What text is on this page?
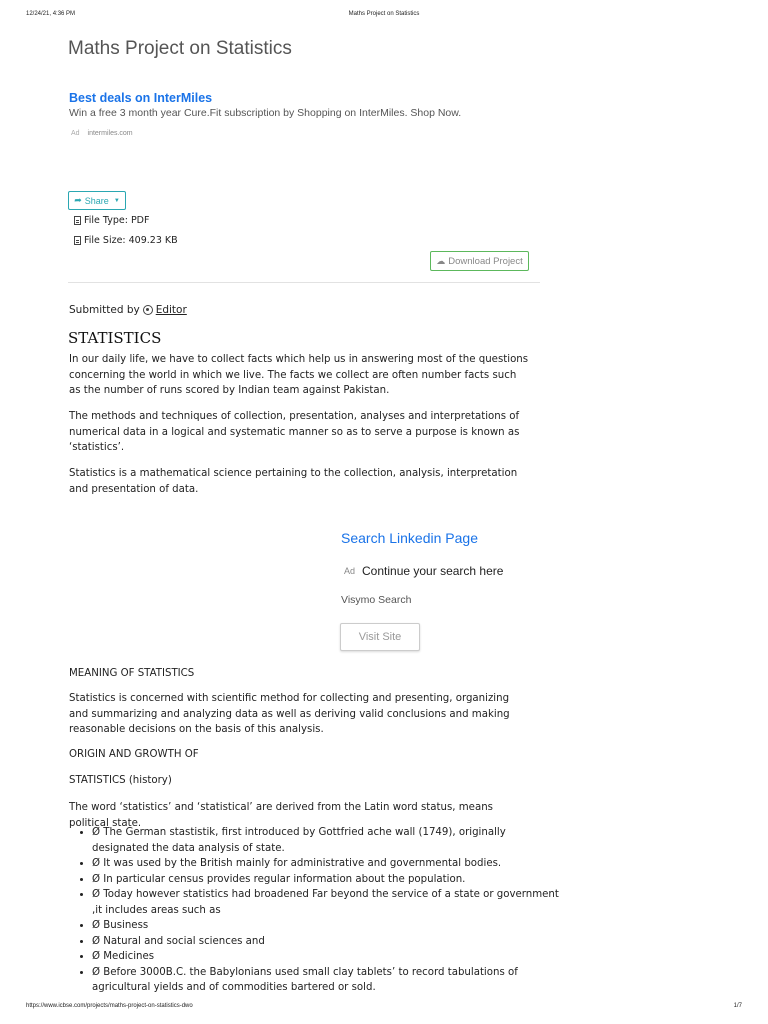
12/24/21, 4:36 PM	Maths Project on Statistics
Maths Project on Statistics
Best deals on InterMiles
Win a free 3 month year Cure.Fit subscription by Shopping on InterMiles. Shop Now.
Ad intermiles.com
➦ Share ▼
File Type: PDF
File Size: 409.23 KB
☁ Download Project
Submitted by Editor
STATISTICS

In our daily life, we have to collect facts which help us in answering most of the questions concerning the world in which we live. The facts we collect are often number facts such as the number of runs scored by Indian team against Pakistan.

The methods and techniques of collection, presentation, analyses and interpretations of numerical data in a logical and systematic manner so as to serve a purpose is known as ‘statistics’.

Statistics is a mathematical science pertaining to the collection, analysis, interpretation and presentation of data.

Search Linkedin Page
Ad Continue your search here
Visymo Search
Visit Site

MEANING OF STATISTICS

Statistics is concerned with scientific method for collecting and presenting, organizing and summarizing and analyzing data as well as deriving valid conclusions and making reasonable decisions on the basis of this analysis.

ORIGIN AND GROWTH OF

STATISTICS (history)

The word ‘statistics’ and ‘statistical’ are derived from the Latin word status, means political state.

• Ø The German stastistik, first introduced by Gottfried ache wall (1749), originally designated the data analysis of state.
• Ø It was used by the British mainly for administrative and governmental bodies.
• Ø In particular census provides regular information about the population.
• Ø Today however statistics had broadened Far beyond the service of a state or government ,it includes areas such as
• Ø Business
• Ø Natural and social sciences and
• Ø Medicines
• Ø Before 3000B.C. the Babylonians used small clay tablets’ to record tabulations of agricultural yields and of commodities bartered or sold.
https://www.icbse.com/projects/maths-project-on-statistics-dwo	1/7
